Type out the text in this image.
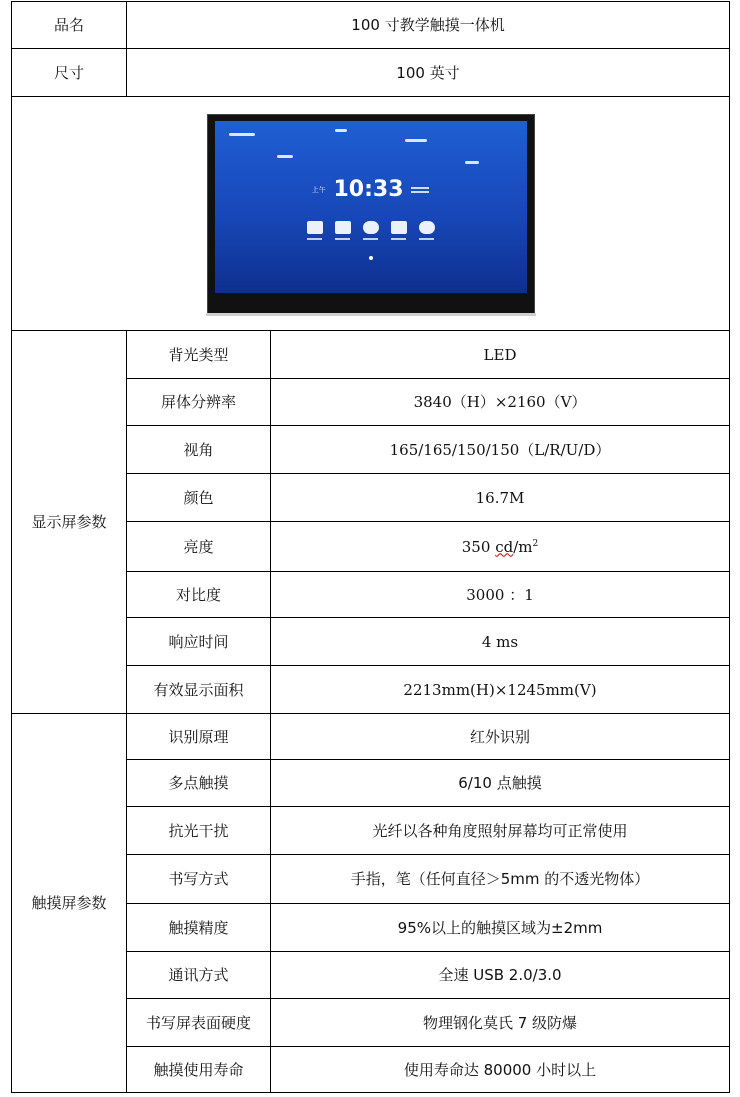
品名	100 寸教学触摸一体机	
尺寸	100 英寸	

上午 10:33		

显示屏参数	背光类型	LED
	屏体分辨率	3840（H）×2160（V）
	视角	165/165/150/150（L/R/U/D）
	颜色	16.7M
	亮度	350 $cd/m^2$
	对比度	3000 ：1
	响应时间	4 ms
	有效显示面积	2213mm(H)×1245mm(V)
触摸屏参数	识别原理	红外识别
	多点触摸	6/10 点触摸
	抗光干扰	光纤以各种角度照射屏幕均可正常使用
	书写方式	手指，笔（任何直径＞5mm 的不透光物体）
	触摸精度	95%以上的触摸区域为±2mm
	通讯方式	全速 USB 2.0/3.0
	书写屏表面硬度	物理钢化莫氏 7 级防爆
	触摸使用寿命	使用寿命达 80000 小时以上
